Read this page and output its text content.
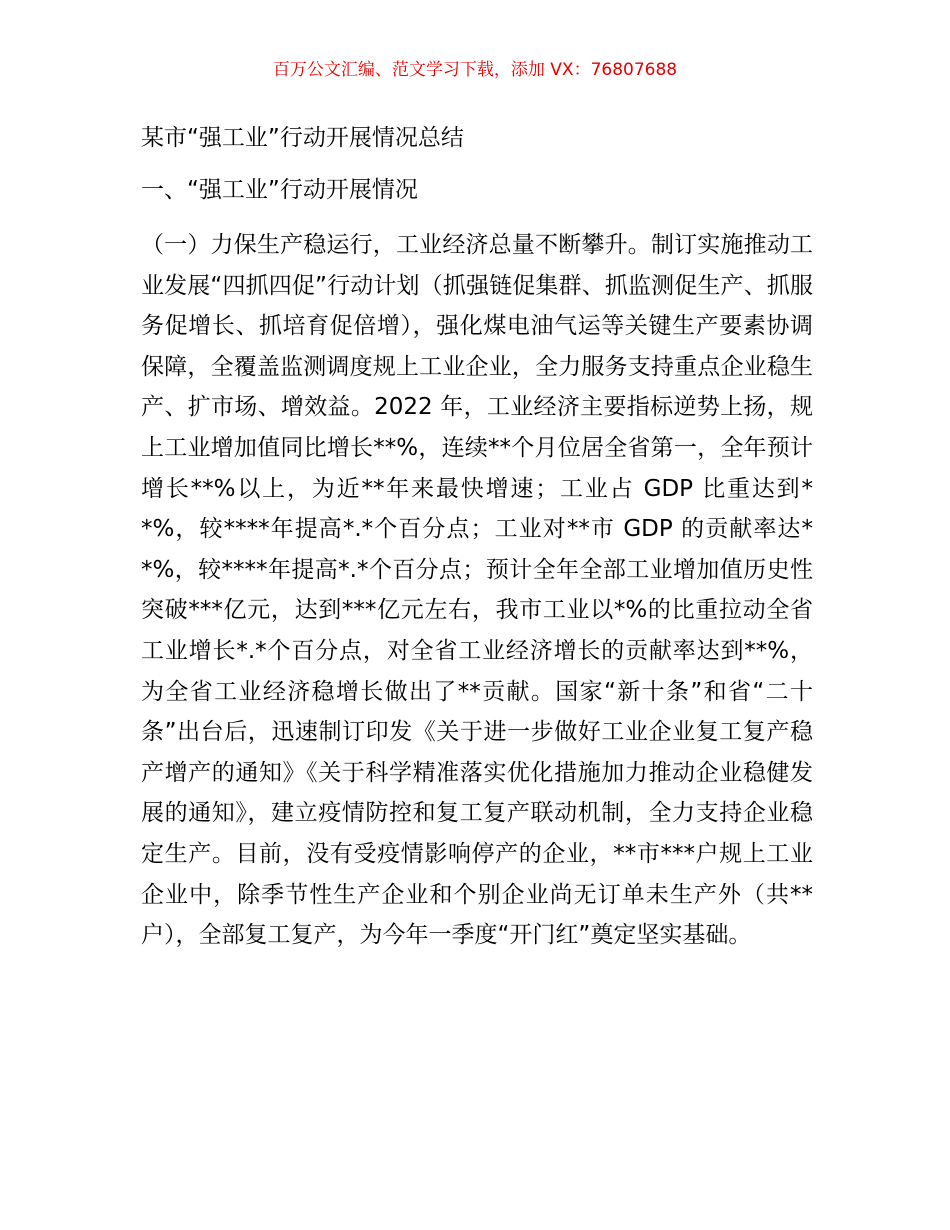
百万公文汇编、范文学习下载，添加 VX：76807688
某市“强工业”行动开展情况总结
一、“强工业”行动开展情况

（一）力保生产稳运行，工业经济总量不断攀升。制订实施推动工业发展“四抓四促”行动计划（抓强链促集群、抓监测促生产、抓服务促增长、抓培育促倍增），强化煤电油气运等关键生产要素协调保障，全覆盖监测调度规上工业企业，全力服务支持重点企业稳生产、扩市场、增效益。2022 年，工业经济主要指标逆势上扬，规上工业增加值同比增长**%，连续**个月位居全省第一，全年预计增长**%以上，为近**年来最快增速；工业占 GDP 比重达到**%，较****年提高*.*个百分点；工业对**市 GDP 的贡献率达**%，较****年提高*.*个百分点；预计全年全部工业增加值历史性突破***亿元，达到***亿元左右，我市工业以*%的比重拉动全省工业增长*.*个百分点，对全省工业经济增长的贡献率达到**%，为全省工业经济稳增长做出了**贡献。国家“新十条”和省“二十条”出台后，迅速制订印发《关于进一步做好工业企业复工复产稳产增产的通知》《关于科学精准落实优化措施加力推动企业稳健发展的通知》，建立疫情防控和复工复产联动机制，全力支持企业稳定生产。目前，没有受疫情影响停产的企业，**市***户规上工业企业中，除季节性生产企业和个别企业尚无订单未生产外（共**户），全部复工复产，为今年一季度“开门红”奠定坚实基础。
